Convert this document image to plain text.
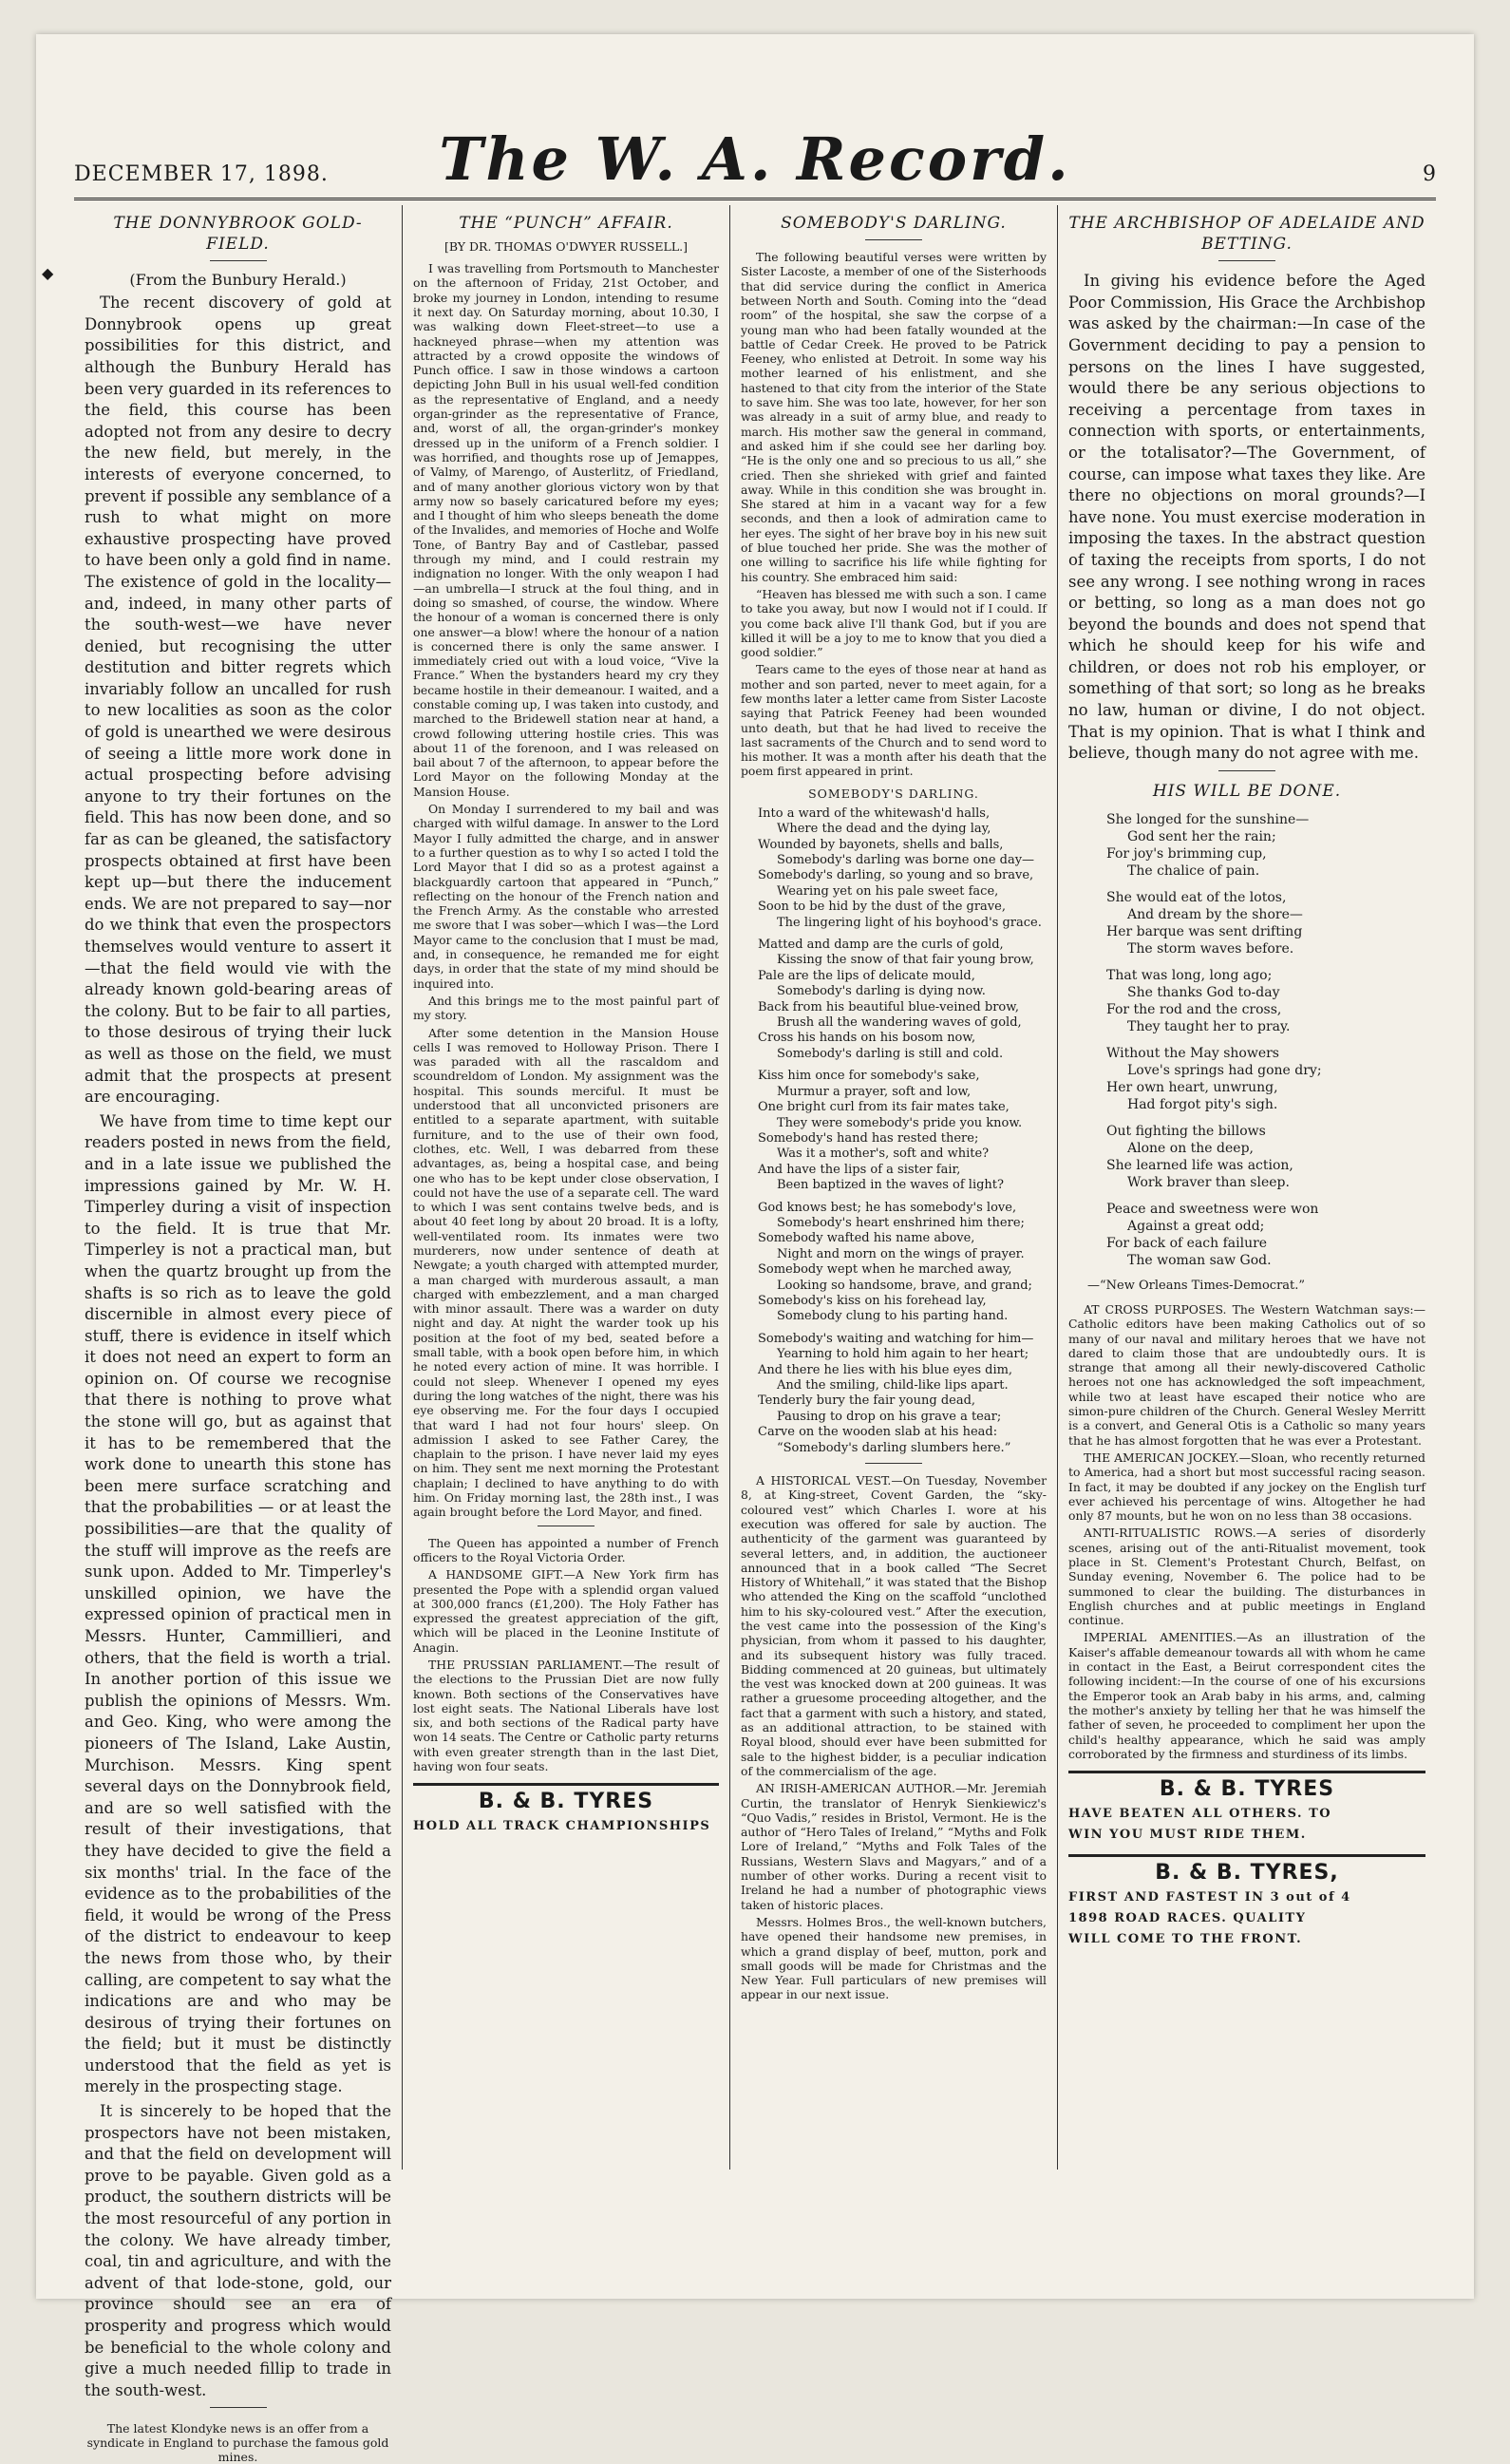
◆
DECEMBER 17, 1898.	The W. A. Record.	9
THE DONNYBROOK GOLD-FIELD.
(From the Bunbury Herald.)

The recent discovery of gold at Donnybrook opens up great possibilities for this district, and although the Bunbury Herald has been very guarded in its references to the field, this course has been adopted not from any desire to decry the new field, but merely, in the interests of everyone concerned, to prevent if possible any semblance of a rush to what might on more exhaustive prospecting have proved to have been only a gold find in name. The existence of gold in the locality—and, indeed, in many other parts of the south-west—we have never denied, but recognising the utter destitution and bitter regrets which invariably follow an uncalled for rush to new localities as soon as the color of gold is unearthed we were desirous of seeing a little more work done in actual prospecting before advising anyone to try their fortunes on the field. This has now been done, and so far as can be gleaned, the satisfactory prospects obtained at first have been kept up—but there the inducement ends. We are not prepared to say—nor do we think that even the prospectors themselves would venture to assert it—that the field would vie with the already known gold-bearing areas of the colony. But to be fair to all parties, to those desirous of trying their luck as well as those on the field, we must admit that the prospects at present are encouraging.

We have from time to time kept our readers posted in news from the field, and in a late issue we published the impressions gained by Mr. W. H. Timperley during a visit of inspection to the field. It is true that Mr. Timperley is not a practical man, but when the quartz brought up from the shafts is so rich as to leave the gold discernible in almost every piece of stuff, there is evidence in itself which it does not need an expert to form an opinion on. Of course we recognise that there is nothing to prove what the stone will go, but as against that it has to be remembered that the work done to unearth this stone has been mere surface scratching and that the probabilities — or at least the possibilities—are that the quality of the stuff will improve as the reefs are sunk upon. Added to Mr. Timperley's unskilled opinion, we have the expressed opinion of practical men in Messrs. Hunter, Cammillieri, and others, that the field is worth a trial. In another portion of this issue we publish the opinions of Messrs. Wm. and Geo. King, who were among the pioneers of The Island, Lake Austin, Murchison. Messrs. King spent several days on the Donnybrook field, and are so well satisfied with the result of their investigations, that they have decided to give the field a six months' trial. In the face of the evidence as to the probabilities of the field, it would be wrong of the Press of the district to endeavour to keep the news from those who, by their calling, are competent to say what the indications are and who may be desirous of trying their fortunes on the field; but it must be distinctly understood that the field as yet is merely in the prospecting stage.

It is sincerely to be hoped that the prospectors have not been mistaken, and that the field on development will prove to be payable. Given gold as a product, the southern districts will be the most resourceful of any portion in the colony. We have already timber, coal, tin and agriculture, and with the advent of that lode-stone, gold, our province should see an era of prosperity and progress which would be beneficial to the whole colony and give a much needed fillip to trade in the south-west.

The latest Klondyke news is an offer from a syndicate in England to purchase the famous gold mines.
THE “PUNCH” AFFAIR.
[BY DR. THOMAS O'DWYER RUSSELL.]

I was travelling from Portsmouth to Manchester on the afternoon of Friday, 21st October, and broke my journey in London, intending to resume it next day. On Saturday morning, about 10.30, I was walking down Fleet-street—to use a hackneyed phrase—when my attention was attracted by a crowd opposite the windows of Punch office. I saw in those windows a cartoon depicting John Bull in his usual well-fed condition as the representative of England, and a needy organ-grinder as the representative of France, and, worst of all, the organ-grinder's monkey dressed up in the uniform of a French soldier. I was horrified, and thoughts rose up of Jemappes, of Valmy, of Marengo, of Austerlitz, of Friedland, and of many another glorious victory won by that army now so basely caricatured before my eyes; and I thought of him who sleeps beneath the dome of the Invalides, and memories of Hoche and Wolfe Tone, of Bantry Bay and of Castlebar, passed through my mind, and I could restrain my indignation no longer. With the only weapon I had—an umbrella—I struck at the foul thing, and in doing so smashed, of course, the window. Where the honour of a woman is concerned there is only one answer—a blow! where the honour of a nation is concerned there is only the same answer. I immediately cried out with a loud voice, “Vive la France.” When the bystanders heard my cry they became hostile in their demeanour. I waited, and a constable coming up, I was taken into custody, and marched to the Bridewell station near at hand, a crowd following uttering hostile cries. This was about 11 of the forenoon, and I was released on bail about 7 of the afternoon, to appear before the Lord Mayor on the following Monday at the Mansion House.

On Monday I surrendered to my bail and was charged with wilful damage. In answer to the Lord Mayor I fully admitted the charge, and in answer to a further question as to why I so acted I told the Lord Mayor that I did so as a protest against a blackguardly cartoon that appeared in “Punch,” reflecting on the honour of the French nation and the French Army. As the constable who arrested me swore that I was sober—which I was—the Lord Mayor came to the conclusion that I must be mad, and, in consequence, he remanded me for eight days, in order that the state of my mind should be inquired into.

And this brings me to the most painful part of my story.

After some detention in the Mansion House cells I was removed to Holloway Prison. There I was paraded with all the rascaldom and scoundreldom of London. My assignment was the hospital. This sounds merciful. It must be understood that all unconvicted prisoners are entitled to a separate apartment, with suitable furniture, and to the use of their own food, clothes, etc. Well, I was debarred from these advantages, as, being a hospital case, and being one who has to be kept under close observation, I could not have the use of a separate cell. The ward to which I was sent contains twelve beds, and is about 40 feet long by about 20 broad. It is a lofty, well-ventilated room. Its inmates were two murderers, now under sentence of death at Newgate; a youth charged with attempted murder, a man charged with murderous assault, a man charged with embezzlement, and a man charged with minor assault. There was a warder on duty night and day. At night the warder took up his position at the foot of my bed, seated before a small table, with a book open before him, in which he noted every action of mine. It was horrible. I could not sleep. Whenever I opened my eyes during the long watches of the night, there was his eye observing me. For the four days I occupied that ward I had not four hours' sleep. On admission I asked to see Father Carey, the chaplain to the prison. I have never laid my eyes on him. They sent me next morning the Protestant chaplain; I declined to have anything to do with him. On Friday morning last, the 28th inst., I was again brought before the Lord Mayor, and fined.

The Queen has appointed a number of French officers to the Royal Victoria Order.

A HANDSOME GIFT.—A New York firm has presented the Pope with a splendid organ valued at 300,000 francs (£1,200). The Holy Father has expressed the greatest appreciation of the gift, which will be placed in the Leonine Institute of Anagin.

THE PRUSSIAN PARLIAMENT.—The result of the elections to the Prussian Diet are now fully known. Both sections of the Conservatives have lost eight seats. The National Liberals have lost six, and both sections of the Radical party have won 14 seats. The Centre or Catholic party returns with even greater strength than in the last Diet, having won four seats.

B. & B. TYRES
HOLD ALL TRACK CHAMPIONSHIPS
SOMEBODY'S DARLING.

The following beautiful verses were written by Sister Lacoste, a member of one of the Sisterhoods that did service during the conflict in America between North and South. Coming into the “dead room” of the hospital, she saw the corpse of a young man who had been fatally wounded at the battle of Cedar Creek. He proved to be Patrick Feeney, who enlisted at Detroit. In some way his mother learned of his enlistment, and she hastened to that city from the interior of the State to save him. She was too late, however, for her son was already in a suit of army blue, and ready to march. His mother saw the general in command, and asked him if she could see her darling boy. “He is the only one and so precious to us all,” she cried. Then she shrieked with grief and fainted away. While in this condition she was brought in. She stared at him in a vacant way for a few seconds, and then a look of admiration came to her eyes. The sight of her brave boy in his new suit of blue touched her pride. She was the mother of one willing to sacrifice his life while fighting for his country. She embraced him said:

“Heaven has blessed me with such a son. I came to take you away, but now I would not if I could. If you come back alive I'll thank God, but if you are killed it will be a joy to me to know that you died a good soldier.”

Tears came to the eyes of those near at hand as mother and son parted, never to meet again, for a few months later a letter came from Sister Lacoste saying that Patrick Feeney had been wounded unto death, but that he had lived to receive the last sacraments of the Church and to send word to his mother. It was a month after his death that the poem first appeared in print.

SOMEBODY'S DARLING.
Into a ward of the whitewash'd halls,
Where the dead and the dying lay,
Wounded by bayonets, shells and balls,
Somebody's darling was borne one day—
Somebody's darling, so young and so brave,
Wearing yet on his pale sweet face,
Soon to be hid by the dust of the grave,
The lingering light of his boyhood's grace.
Matted and damp are the curls of gold,
Kissing the snow of that fair young brow,
Pale are the lips of delicate mould,
Somebody's darling is dying now.
Back from his beautiful blue-veined brow,
Brush all the wandering waves of gold,
Cross his hands on his bosom now,
Somebody's darling is still and cold.
Kiss him once for somebody's sake,
Murmur a prayer, soft and low,
One bright curl from its fair mates take,
They were somebody's pride you know.
Somebody's hand has rested there;
Was it a mother's, soft and white?
And have the lips of a sister fair,
Been baptized in the waves of light?
God knows best; he has somebody's love,
Somebody's heart enshrined him there;
Somebody wafted his name above,
Night and morn on the wings of prayer.
Somebody wept when he marched away,
Looking so handsome, brave, and grand;
Somebody's kiss on his forehead lay,
Somebody clung to his parting hand.
Somebody's waiting and watching for him—
Yearning to hold him again to her heart;
And there he lies with his blue eyes dim,
And the smiling, child-like lips apart.
Tenderly bury the fair young dead,
Pausing to drop on his grave a tear;
Carve on the wooden slab at his head:
“Somebody's darling slumbers here.”

A HISTORICAL VEST.—On Tuesday, November 8, at King-street, Covent Garden, the “sky-coloured vest” which Charles I. wore at his execution was offered for sale by auction. The authenticity of the garment was guaranteed by several letters, and, in addition, the auctioneer announced that in a book called “The Secret History of Whitehall,” it was stated that the Bishop who attended the King on the scaffold “unclothed him to his sky-coloured vest.” After the execution, the vest came into the possession of the King's physician, from whom it passed to his daughter, and its subsequent history was fully traced. Bidding commenced at 20 guineas, but ultimately the vest was knocked down at 200 guineas. It was rather a gruesome proceeding altogether, and the fact that a garment with such a history, and stated, as an additional attraction, to be stained with Royal blood, should ever have been submitted for sale to the highest bidder, is a peculiar indication of the commercialism of the age.

AN IRISH-AMERICAN AUTHOR.—Mr. Jeremiah Curtin, the translator of Henryk Sienkiewicz's “Quo Vadis,” resides in Bristol, Vermont. He is the author of “Hero Tales of Ireland,” “Myths and Folk Lore of Ireland,” “Myths and Folk Tales of the Russians, Western Slavs and Magyars,” and of a number of other works. During a recent visit to Ireland he had a number of photographic views taken of historic places.

Messrs. Holmes Bros., the well-known butchers, have opened their handsome new premises, in which a grand display of beef, mutton, pork and small goods will be made for Christmas and the New Year. Full particulars of new premises will appear in our next issue.

THE ARCHBISHOP OF ADELAIDE AND BETTING.

In giving his evidence before the Aged Poor Commission, His Grace the Archbishop was asked by the chairman:—In case of the Government deciding to pay a pension to persons on the lines I have suggested, would there be any serious objections to receiving a percentage from taxes in connection with sports, or entertainments, or the totalisator?—The Government, of course, can impose what taxes they like. Are there no objections on moral grounds?—I have none. You must exercise moderation in imposing the taxes. In the abstract question of taxing the receipts from sports, I do not see any wrong. I see nothing wrong in races or betting, so long as a man does not go beyond the bounds and does not spend that which he should keep for his wife and children, or does not rob his employer, or something of that sort; so long as he breaks no law, human or divine, I do not object. That is my opinion. That is what I think and believe, though many do not agree with me.

HIS WILL BE DONE.
She longed for the sunshine—
God sent her the rain;
For joy's brimming cup,
The chalice of pain.
She would eat of the lotos,
And dream by the shore—
Her barque was sent drifting
The storm waves before.
That was long, long ago;
She thanks God to-day
For the rod and the cross,
They taught her to pray.
Without the May showers
Love's springs had gone dry;
Her own heart, unwrung,
Had forgot pity's sigh.
Out fighting the billows
Alone on the deep,
She learned life was action,
Work braver than sleep.
Peace and sweetness were won
Against a great odd;
For back of each failure
The woman saw God.
—“New Orleans Times-Democrat.”

AT CROSS PURPOSES. The Western Watchman says:—Catholic editors have been making Catholics out of so many of our naval and military heroes that we have not dared to claim those that are undoubtedly ours. It is strange that among all their newly-discovered Catholic heroes not one has acknowledged the soft impeachment, while two at least have escaped their notice who are simon-pure children of the Church. General Wesley Merritt is a convert, and General Otis is a Catholic so many years that he has almost forgotten that he was ever a Protestant.

THE AMERICAN JOCKEY.—Sloan, who recently returned to America, had a short but most successful racing season. In fact, it may be doubted if any jockey on the English turf ever achieved his percentage of wins. Altogether he had only 87 mounts, but he won on no less than 38 occasions.

ANTI-RITUALISTIC ROWS.—A series of disorderly scenes, arising out of the anti-Ritualist movement, took place in St. Clement's Protestant Church, Belfast, on Sunday evening, November 6. The police had to be summoned to clear the building. The disturbances in English churches and at public meetings in England continue.

IMPERIAL AMENITIES.—As an illustration of the Kaiser's affable demeanour towards all with whom he came in contact in the East, a Beirut correspondent cites the following incident:—In the course of one of his excursions the Emperor took an Arab baby in his arms, and, calming the mother's anxiety by telling her that he was himself the father of seven, he proceeded to compliment her upon the child's healthy appearance, which he said was amply corroborated by the firmness and sturdiness of its limbs.

B. & B. TYRES
HAVE BEATEN ALL OTHERS. TO
WIN YOU MUST RIDE THEM.
B. & B. TYRES,
FIRST AND FASTEST IN 3 out of 4
1898 ROAD RACES. QUALITY
WILL COME TO THE FRONT.
